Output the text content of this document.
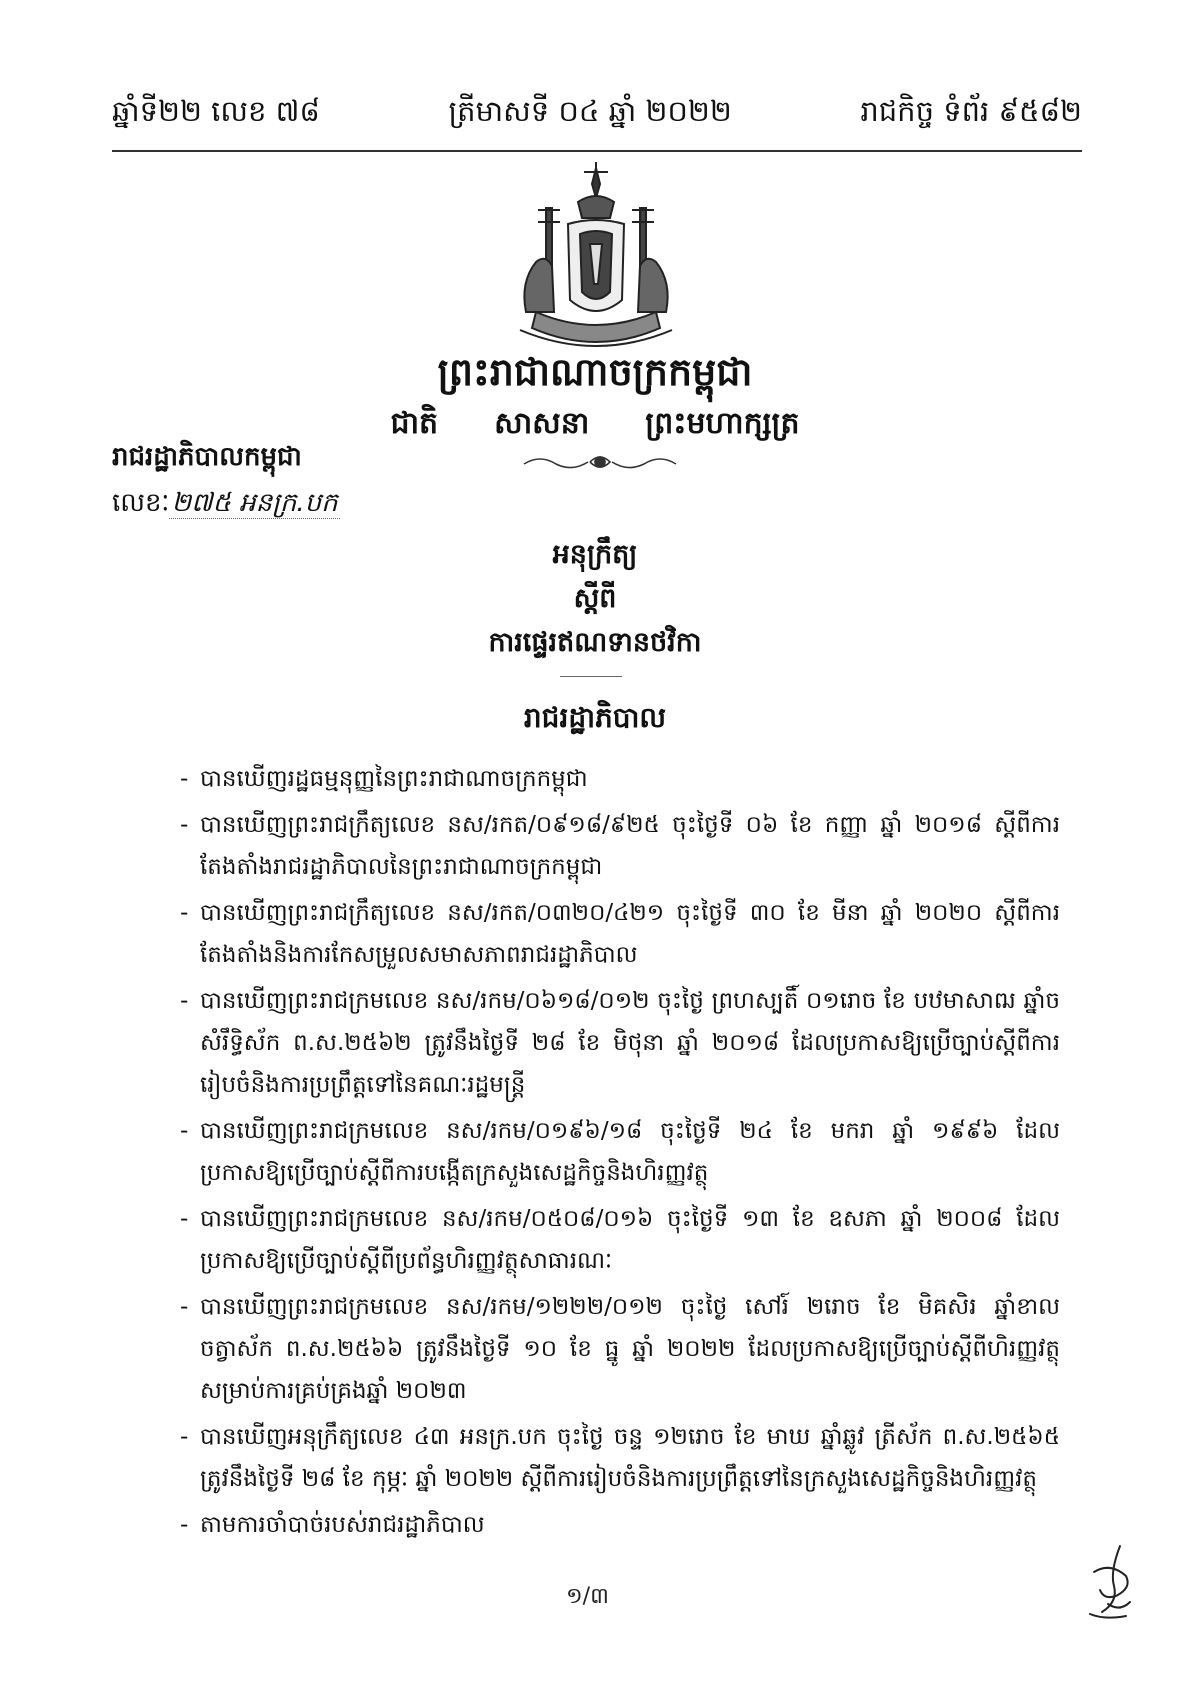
ឆ្នាំទី២២ លេខ ៧៨	ត្រីមាសទី ០៤ ឆ្នាំ ២០២២	រាជកិច្ច ទំព័រ ៩៥៨២
ព្រះរាជាណាចក្រកម្ពុជា
ជាតិ សាសនា ព្រះមហាក្សត្រ
រាជរដ្ឋាភិបាលកម្ពុជា
លេខៈ២៧៥ អនក្រ.បក
អនុក្រឹត្យ
ស្តីពី
ការផ្ទេរឥណទានថវិកា
រាជរដ្ឋាភិបាល
- បានឃើញរដ្ឋធម្មនុញ្ញនៃព្រះរាជាណាចក្រកម្ពុជា
- បានឃើញព្រះរាជក្រឹត្យលេខ នស/រកត/០៩១៨/៩២៥ ចុះថ្ងៃទី ០៦ ខែ កញ្ញា ឆ្នាំ ២០១៨ ស្តីពីការតែងតាំងរាជរដ្ឋាភិបាលនៃព្រះរាជាណាចក្រកម្ពុជា
- បានឃើញព្រះរាជក្រឹត្យលេខ នស/រកត/០៣២០/៤២១ ចុះថ្ងៃទី ៣០ ខែ មីនា ឆ្នាំ ២០២០ ស្តីពីការតែងតាំងនិងការកែសម្រួលសមាសភាពរាជរដ្ឋាភិបាល
- បានឃើញព្រះរាជក្រមលេខ នស/រកម/០៦១៨/០១២ ចុះថ្ងៃ ព្រហស្បតិ៍ ០១រោច ខែ បឋមាសាឍ ឆ្នាំច សំរឹទ្ធិស័ក ព.ស.២៥៦២ ត្រូវនឹងថ្ងៃទី ២៨ ខែ មិថុនា ឆ្នាំ ២០១៨ ដែលប្រកាសឱ្យប្រើច្បាប់ស្តីពីការរៀបចំនិងការប្រព្រឹត្តទៅនៃគណៈរដ្ឋមន្ត្រី
- បានឃើញព្រះរាជក្រមលេខ នស/រកម/០១៩៦/១៨ ចុះថ្ងៃទី ២៤ ខែ មករា ឆ្នាំ ១៩៩៦ ដែលប្រកាសឱ្យប្រើច្បាប់ស្តីពីការបង្កើតក្រសួងសេដ្ឋកិច្ចនិងហិរញ្ញវត្ថុ
- បានឃើញព្រះរាជក្រមលេខ នស/រកម/០៥០៨/០១៦ ចុះថ្ងៃទី ១៣ ខែ ឧសភា ឆ្នាំ ២០០៨ ដែលប្រកាសឱ្យប្រើច្បាប់ស្តីពីប្រព័ន្ធហិរញ្ញវត្ថុសាធារណៈ
- បានឃើញព្រះរាជក្រមលេខ នស/រកម/១២២២/០១២ ចុះថ្ងៃ សៅរ៍ ២រោច ខែ មិគសិរ ឆ្នាំខាល ចត្វាស័ក ព.ស.២៥៦៦ ត្រូវនឹងថ្ងៃទី ១០ ខែ ធ្នូ ឆ្នាំ ២០២២ ដែលប្រកាសឱ្យប្រើច្បាប់ស្តីពីហិរញ្ញវត្ថុសម្រាប់ការគ្រប់គ្រងឆ្នាំ ២០២៣
- បានឃើញអនុក្រឹត្យលេខ ៤៣ អនក្រ.បក ចុះថ្ងៃ ចន្ទ ១២រោច ខែ មាឃ ឆ្នាំឆ្លូវ ត្រីស័ក ព.ស.២៥៦៥ ត្រូវនឹងថ្ងៃទី ២៨ ខែ កុម្ភៈ ឆ្នាំ ២០២២ ស្តីពីការរៀបចំនិងការប្រព្រឹត្តទៅនៃក្រសួងសេដ្ឋកិច្ចនិងហិរញ្ញវត្ថុ
- តាមការចាំបាច់របស់រាជរដ្ឋាភិបាល
១/៣
